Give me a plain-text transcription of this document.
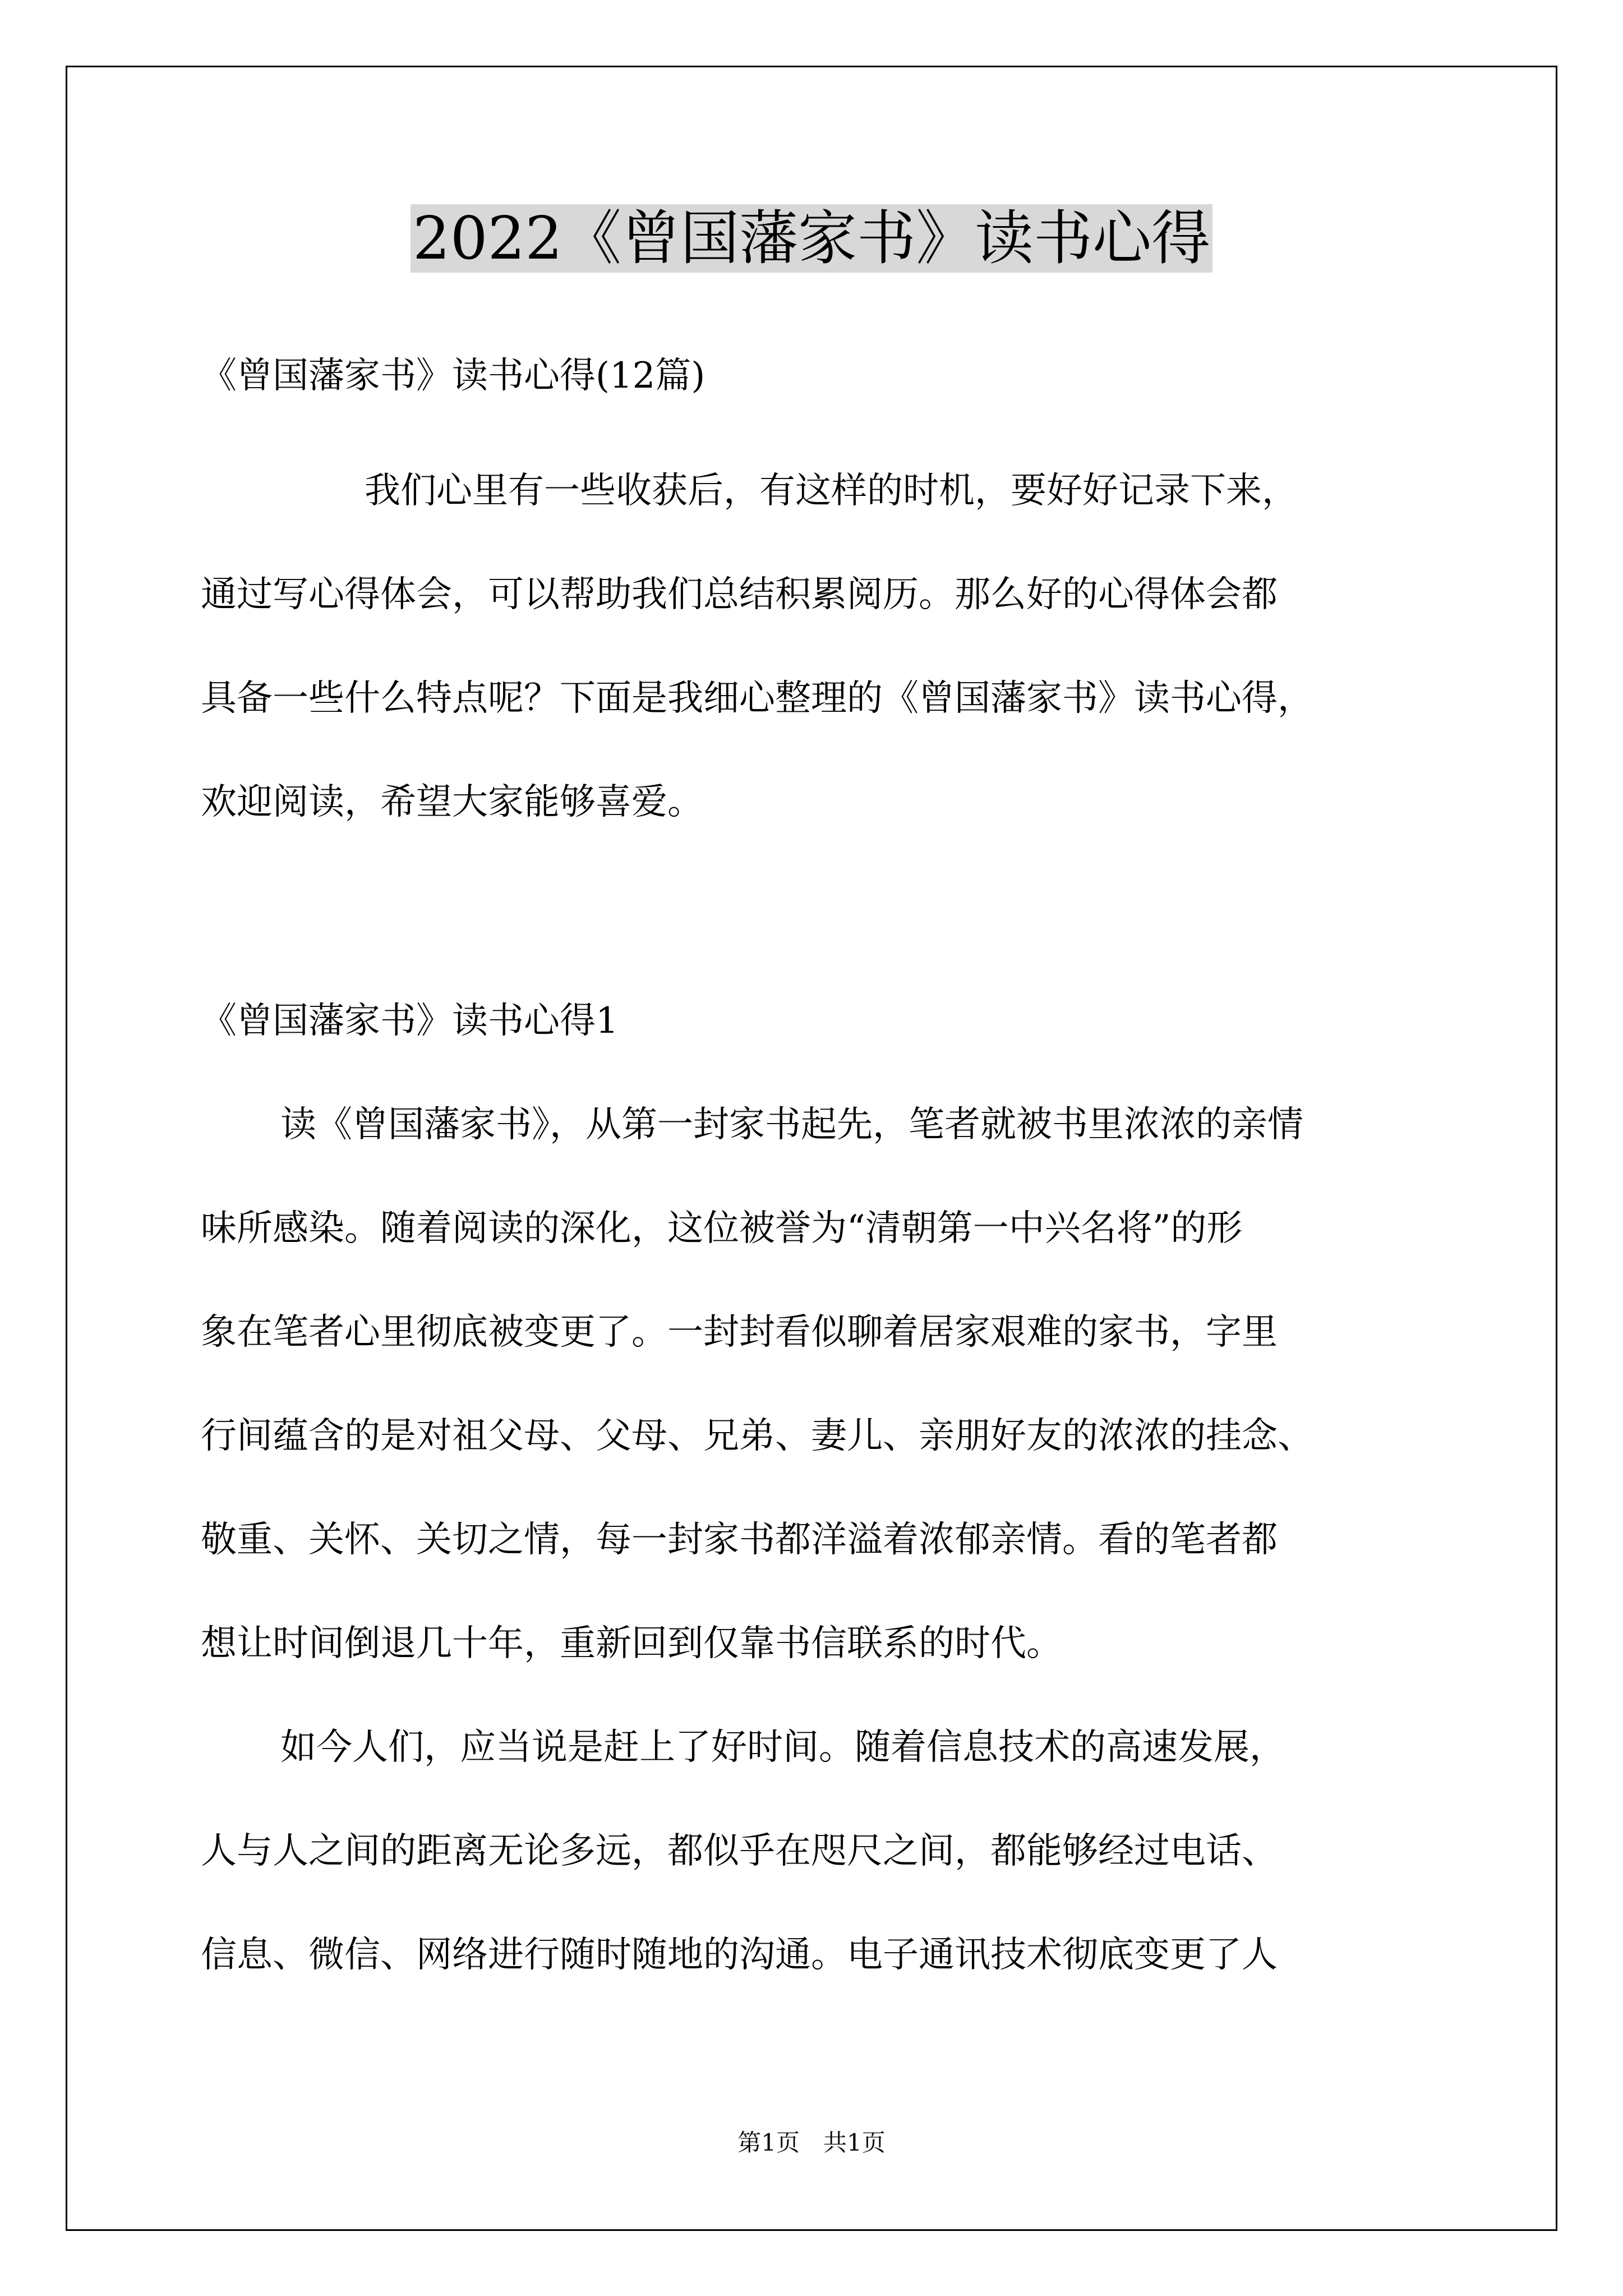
2022《曾国藩家书》读书心得
《曾国藩家书》读书心得(12篇)
我们心里有一些收获后，有这样的时机，要好好记录下来，
通过写心得体会，可以帮助我们总结积累阅历。那么好的心得体会都
具备一些什么特点呢？下面是我细心整理的《曾国藩家书》读书心得，
欢迎阅读，希望大家能够喜爱。
《曾国藩家书》读书心得1
读《曾国藩家书》，从第一封家书起先，笔者就被书里浓浓的亲情
味所感染。随着阅读的深化，这位被誉为“清朝第一中兴名将”的形
象在笔者心里彻底被变更了。一封封看似聊着居家艰难的家书，字里
行间蕴含的是对祖父母、父母、兄弟、妻儿、亲朋好友的浓浓的挂念、
敬重、关怀、关切之情，每一封家书都洋溢着浓郁亲情。看的笔者都
想让时间倒退几十年，重新回到仅靠书信联系的时代。
如今人们，应当说是赶上了好时间。随着信息技术的高速发展，
人与人之间的距离无论多远，都似乎在咫尺之间，都能够经过电话、
信息、微信、网络进行随时随地的沟通。电子通讯技术彻底变更了人
第1页　共1页
